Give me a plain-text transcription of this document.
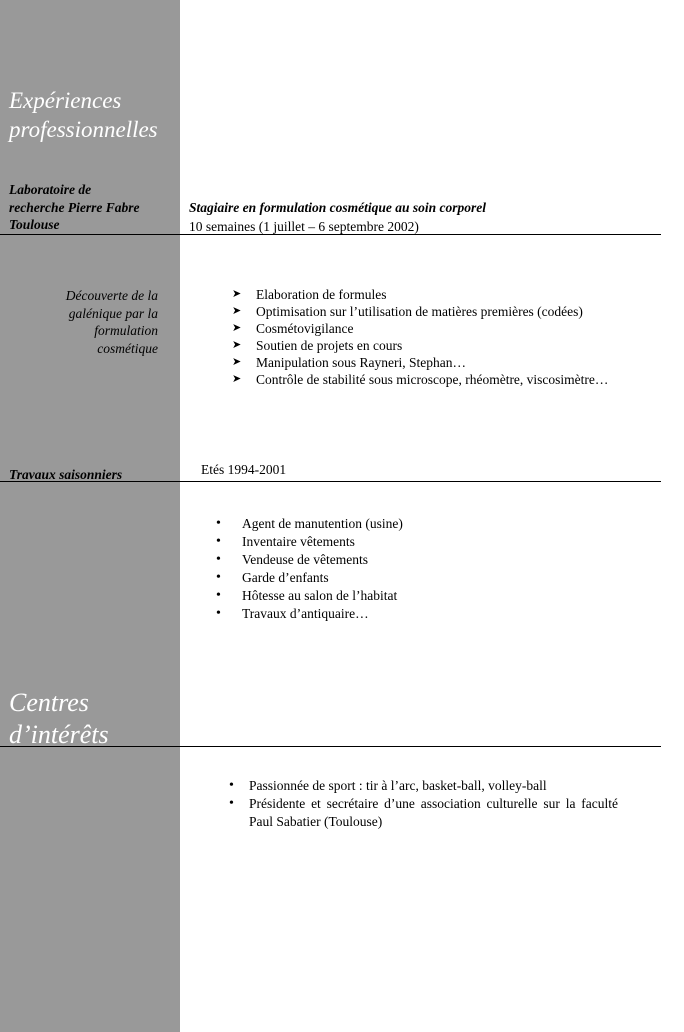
Expériences
professionnelles
Laboratoire de
recherche Pierre Fabre
Toulouse
Stagiaire en formulation cosmétique au soin corporel
10 semaines (1 juillet – 6 septembre 2002)
Découverte de la
galénique par la
formulation
cosmétique
➤ Elaboration de formules
➤ Optimisation sur l’utilisation de matières premières (codées)
➤ Cosmétovigilance
➤ Soutien de projets en cours
➤ Manipulation sous Rayneri, Stephan…
➤ Contrôle de stabilité sous microscope, rhéomètre, viscosimètre…
Travaux saisonniers	Etés 1994-2001
• Agent de manutention (usine)
• Inventaire vêtements
• Vendeuse de vêtements
• Garde d’enfants
• Hôtesse au salon de l’habitat
• Travaux d’antiquaire…
Centres
d’intérêts
• Passionnée de sport : tir à l’arc, basket-ball, volley-ball
• Présidente et secrétaire d’une association culturelle sur la faculté Paul Sabatier (Toulouse)
